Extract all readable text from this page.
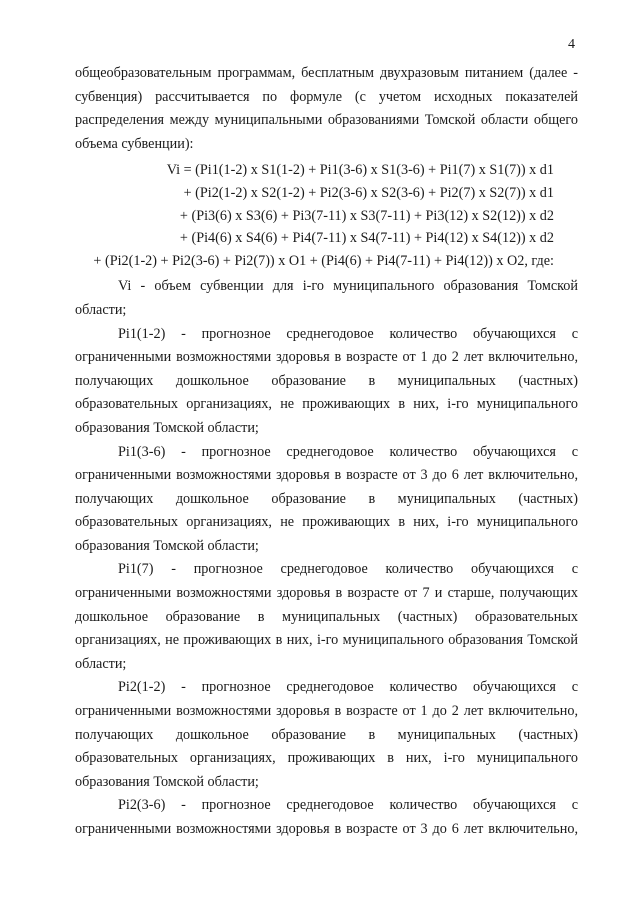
4

общеобразовательным программам, бесплатным двухразовым питанием (далее - субвенция) рассчитывается по формуле (с учетом исходных показателей распределения между муниципальными образованиями Томской области общего объема субвенции):

Vi = (Pi1(1-2) x S1(1-2) + Pi1(3-6) x S1(3-6) + Pi1(7) x S1(7)) x d1
+ (Pi2(1-2) x S2(1-2) + Pi2(3-6) x S2(3-6) + Pi2(7) x S2(7)) x d1
+ (Pi3(6) x S3(6) + Pi3(7-11) x S3(7-11) + Pi3(12) x S2(12)) x d2
+ (Pi4(6) x S4(6) + Pi4(7-11) x S4(7-11) + Pi4(12) x S4(12)) x d2
+ (Pi2(1-2) + Pi2(3-6) + Pi2(7)) x O1 + (Pi4(6) + Pi4(7-11) + Pi4(12)) x O2, где:

Vi - объем субвенции для i-го муниципального образования Томской области;

Pi1(1-2) - прогнозное среднегодовое количество обучающихся с ограниченными возможностями здоровья в возрасте от 1 до 2 лет включительно, получающих дошкольное образование в муниципальных (частных) образовательных организациях, не проживающих в них, i-го муниципального образования Томской области;

Pi1(3-6) - прогнозное среднегодовое количество обучающихся с ограниченными возможностями здоровья в возрасте от 3 до 6 лет включительно, получающих дошкольное образование в муниципальных (частных) образовательных организациях, не проживающих в них, i-го муниципального образования Томской области;

Pi1(7) - прогнозное среднегодовое количество обучающихся с ограниченными возможностями здоровья в возрасте от 7 и старше, получающих дошкольное образование в муниципальных (частных) образовательных организациях, не проживающих в них, i-го муниципального образования Томской области;

Pi2(1-2) - прогнозное среднегодовое количество обучающихся с ограниченными возможностями здоровья в возрасте от 1 до 2 лет включительно, получающих дошкольное образование в муниципальных (частных) образовательных организациях, проживающих в них, i-го муниципального образования Томской области;

Pi2(3-6) - прогнозное среднегодовое количество обучающихся с ограниченными возможностями здоровья в возрасте от 3 до 6 лет включительно,
